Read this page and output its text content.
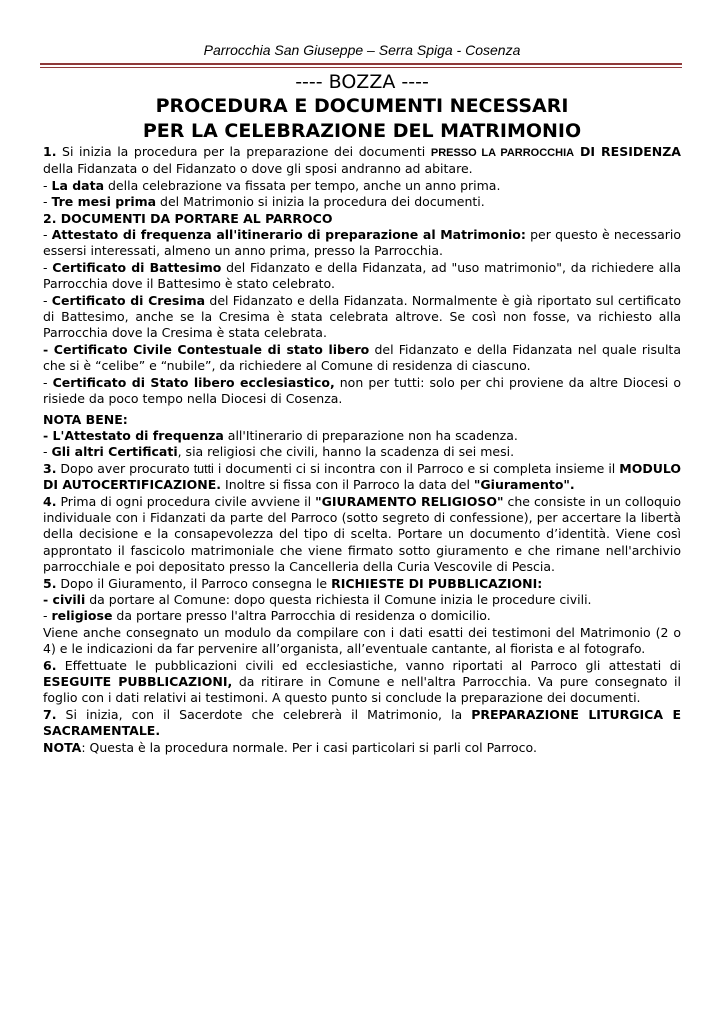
Parrocchia San Giuseppe – Serra Spiga - Cosenza
---- BOZZA ----
PROCEDURA E DOCUMENTI NECESSARI
PER LA CELEBRAZIONE DEL MATRIMONIO

1. Si inizia la procedura per la preparazione dei documenti PRESSO LA PARROCCHIA DI RESIDENZA della Fidanzata o del Fidanzato o dove gli sposi andranno ad abitare.

- La data della celebrazione va fissata per tempo, anche un anno prima.

- Tre mesi prima del Matrimonio si inizia la procedura dei documenti.

2. DOCUMENTI DA PORTARE AL PARROCO

- Attestato di frequenza all'itinerario di preparazione al Matrimonio: per questo è necessario essersi interessati, almeno un anno prima, presso la Parrocchia.

- Certificato di Battesimo del Fidanzato e della Fidanzata, ad "uso matrimonio", da richiedere alla Parrocchia dove il Battesimo è stato celebrato.

- Certificato di Cresima del Fidanzato e della Fidanzata. Normalmente è già riportato sul certificato di Battesimo, anche se la Cresima è stata celebrata altrove. Se così non fosse, va richiesto alla Parrocchia dove la Cresima è stata celebrata.

- Certificato Civile Contestuale di stato libero del Fidanzato e della Fidanzata nel quale risulta che si è “celibe” e “nubile”, da richiedere al Comune di residenza di ciascuno.

- Certificato di Stato libero ecclesiastico, non per tutti: solo per chi proviene da altre Diocesi o risiede da poco tempo nella Diocesi di Cosenza.

NOTA BENE:

- L'Attestato di frequenza all'Itinerario di preparazione non ha scadenza.

- Gli altri Certificati, sia religiosi che civili, hanno la scadenza di sei mesi.

3. Dopo aver procurato tutti i documenti ci si incontra con il Parroco e si completa insieme il MODULO DI AUTOCERTIFICAZIONE. Inoltre si fissa con il Parroco la data del "Giuramento".

4. Prima di ogni procedura civile avviene il "GIURAMENTO RELIGIOSO" che consiste in un colloquio individuale con i Fidanzati da parte del Parroco (sotto segreto di confessione), per accertare la libertà della decisione e la consapevolezza del tipo di scelta. Portare un documento d’identità. Viene così approntato il fascicolo matrimoniale che viene firmato sotto giuramento e che rimane nell'archivio parrocchiale e poi depositato presso la Cancelleria della Curia Vescovile di Pescia.

5. Dopo il Giuramento, il Parroco consegna le RICHIESTE DI PUBBLICAZIONI:

- civili da portare al Comune: dopo questa richiesta il Comune inizia le procedure civili.

- religiose da portare presso l'altra Parrocchia di residenza o domicilio.

Viene anche consegnato un modulo da compilare con i dati esatti dei testimoni del Matrimonio (2 o 4) e le indicazioni da far pervenire all’organista, all’eventuale cantante, al fiorista e al fotografo.

6. Effettuate le pubblicazioni civili ed ecclesiastiche, vanno riportati al Parroco gli attestati di ESEGUITE PUBBLICAZIONI, da ritirare in Comune e nell'altra Parrocchia. Va pure consegnato il foglio con i dati relativi ai testimoni. A questo punto si conclude la preparazione dei documenti.

7. Si inizia, con il Sacerdote che celebrerà il Matrimonio, la PREPARAZIONE LITURGICA E SACRAMENTALE.

NOTA: Questa è la procedura normale. Per i casi particolari si parli col Parroco.
